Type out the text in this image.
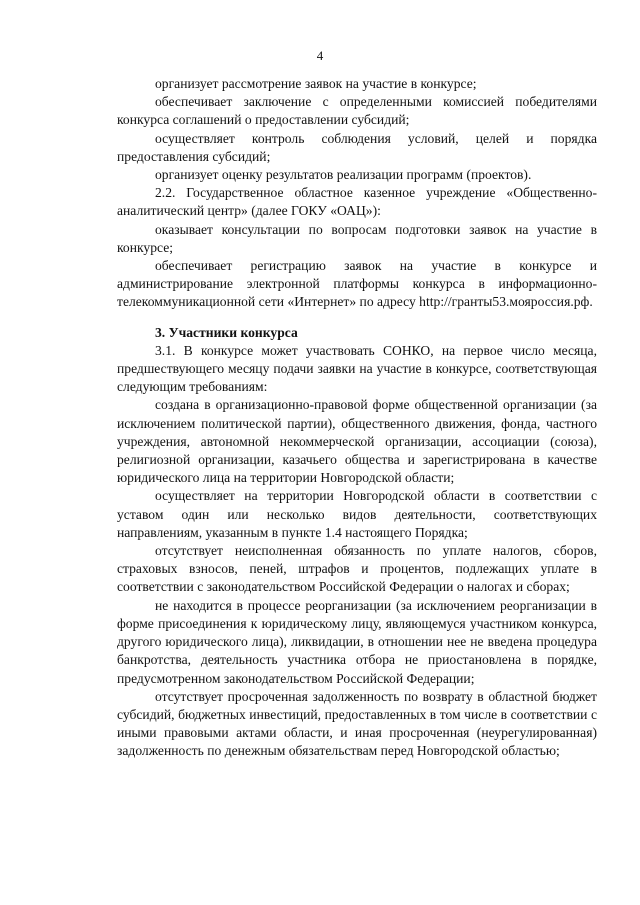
4

организует рассмотрение заявок на участие в конкурсе;

обеспечивает заключение с определенными комиссией победителями конкурса соглашений о предоставлении субсидий;

осуществляет контроль соблюдения условий, целей и порядка предоставления субсидий;

организует оценку результатов реализации программ (проектов).

2.2. Государственное областное казенное учреждение «Общественно-аналитический центр» (далее ГОКУ «ОАЦ»):

оказывает консультации по вопросам подготовки заявок на участие в конкурсе;

обеспечивает регистрацию заявок на участие в конкурсе и администрирование электронной платформы конкурса в информационно-телекоммуникационной сети «Интернет» по адресу http://гранты53.мояроссия.рф.

3. Участники конкурса

3.1. В конкурсе может участвовать СОНКО, на первое число месяца, предшествующего месяцу подачи заявки на участие в конкурсе, соответствующая следующим требованиям:

создана в организационно-правовой форме общественной организации (за исключением политической партии), общественного движения, фонда, частного учреждения, автономной некоммерческой организации, ассоциации (союза), религиозной организации, казачьего общества и зарегистрирована в качестве юридического лица на территории Новгородской области;

осуществляет на территории Новгородской области в соответствии с уставом один или несколько видов деятельности, соответствующих направлениям, указанным в пункте 1.4 настоящего Порядка;

отсутствует неисполненная обязанность по уплате налогов, сборов, страховых взносов, пеней, штрафов и процентов, подлежащих уплате в соответствии с законодательством Российской Федерации о налогах и сборах;

не находится в процессе реорганизации (за исключением реорганизации в форме присоединения к юридическому лицу, являющемуся участником конкурса, другого юридического лица), ликвидации, в отношении нее не введена процедура банкротства, деятельность участника отбора не приостановлена в порядке, предусмотренном законодательством Российской Федерации;

отсутствует просроченная задолженность по возврату в областной бюджет субсидий, бюджетных инвестиций, предоставленных в том числе в соответствии с иными правовыми актами области, и иная просроченная (неурегулированная) задолженность по денежным обязательствам перед Новгородской областью;
